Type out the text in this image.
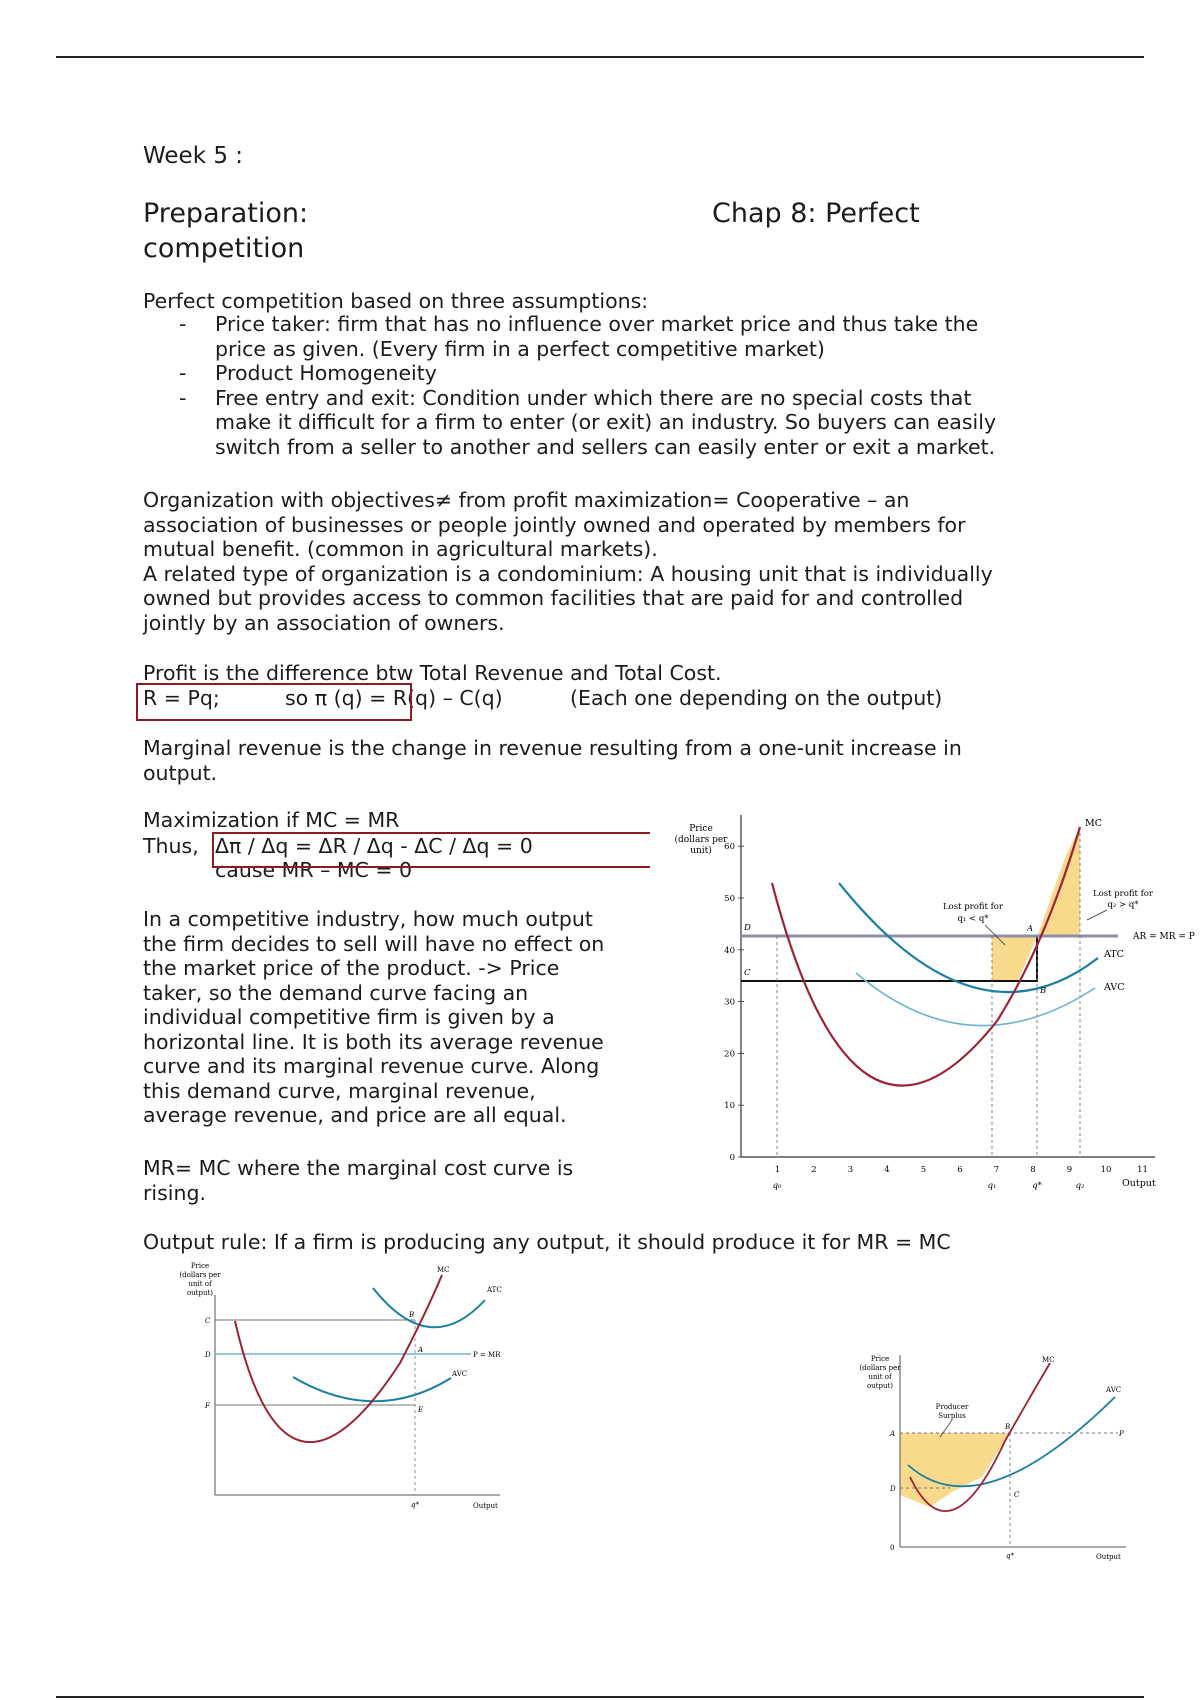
Week 5 :
Preparation:	Chap 8: Perfect
competition
Perfect competition based on three assumptions:
- Price taker: firm that has no influence over market price and thus take the
price as given. (Every firm in a perfect competitive market)
- Product Homogeneity
- Free entry and exit: Condition under which there are no special costs that
make it difficult for a firm to enter (or exit) an industry. So buyers can easily
switch from a seller to another and sellers can easily enter or exit a market.
Organization with objectives≠ from profit maximization= Cooperative – an
association of businesses or people jointly owned and operated by members for
mutual benefit. (common in agricultural markets).
A related type of organization is a condominium: A housing unit that is individually
owned but provides access to common facilities that are paid for and controlled
jointly by an association of owners.
Profit is the difference btw Total Revenue and Total Cost.
R = Pq;	so π (q) = R(q) – C(q)	(Each one depending on the output)
Marginal revenue is the change in revenue resulting from a one-unit increase in
output.
Maximization if MC = MR
Thus, Δπ / Δq = ΔR / Δq - ΔC / Δq = 0
cause MR – MC = 0
In a competitive industry, how much output
the firm decides to sell will have no effect on
the market price of the product. -> Price
taker, so the demand curve facing an
individual competitive firm is given by a
horizontal line. It is both its average revenue
curve and its marginal revenue curve. Along
this demand curve, marginal revenue,
average revenue, and price are all equal.
MR= MC where the marginal cost curve is
rising.
Output rule: If a firm is producing any output, it should produce it for MR = MC
0
10
20
30
40
50
60
1	2	3	4	5	6	7	8	9	10	11
q₀	q₁	q*	q₂
Price
(dollars per
unit)
Output
MC
ATC
AVC
AR = MR = P
A
B
C
D
Lost profit for
q₁ < q*
Lost profit for
q₂ > q*
Price
(dollars per
unit of
output)
C
D
F
MC
ATC
AVC
P = MR
B
A
E
q*	Output
Price
(dollars per
unit of
output)
A
D
0
MC
AVC
P
B
C
Producer
Surplus
q*	Output
